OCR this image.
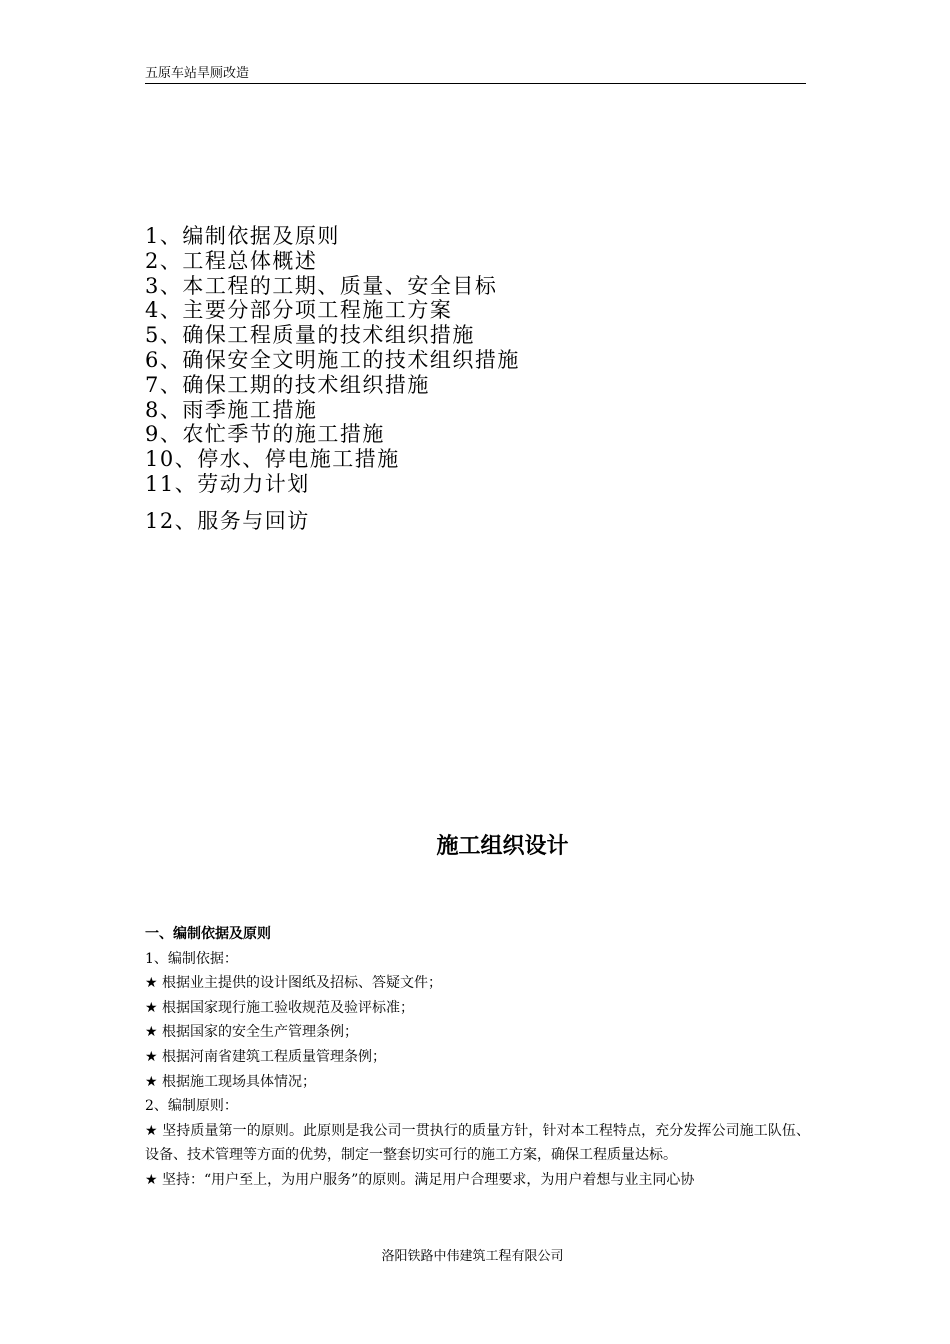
五原车站旱厕改造
1、编制依据及原则
2、工程总体概述
3、本工程的工期、质量、安全目标
4、主要分部分项工程施工方案
5、确保工程质量的技术组织措施
6、确保安全文明施工的技术组织措施
7、确保工期的技术组织措施
8、雨季施工措施
9、农忙季节的施工措施
10、停水、停电施工措施
11、劳动力计划
12、服务与回访
施工组织设计
一、编制依据及原则
1、编制依据：
★ 根据业主提供的设计图纸及招标、答疑文件；
★ 根据国家现行施工验收规范及验评标准；
★ 根据国家的安全生产管理条例；
★ 根据河南省建筑工程质量管理条例；
★ 根据施工现场具体情况；
2、编制原则：
★ 坚持质量第一的原则。此原则是我公司一贯执行的质量方针，针对本工程特点，充分发挥公司施工队伍、设备、技术管理等方面的优势，制定一整套切实可行的施工方案，确保工程质量达标。
★ 坚持：“用户至上，为用户服务”的原则。满足用户合理要求，为用户着想与业主同心协
洛阳铁路中伟建筑工程有限公司
